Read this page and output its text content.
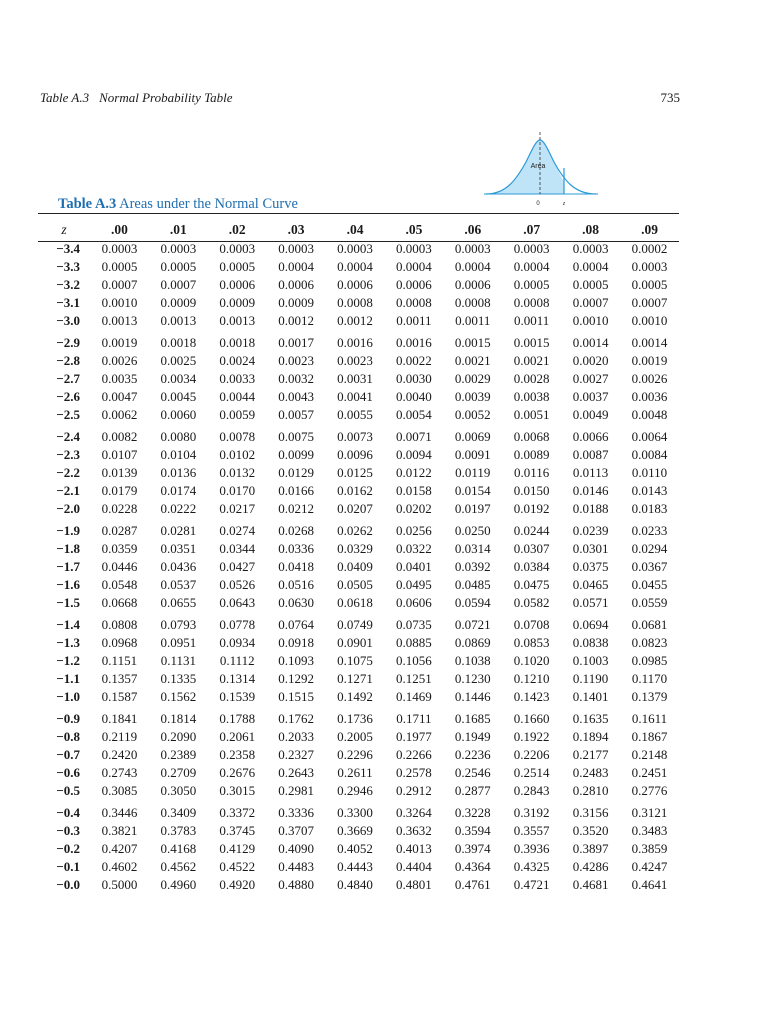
Table A.3 Normal Probability Table	735
Area
0	z
Table A.3 Areas under the Normal Curve
z	.00	.01	.02	.03	.04	.05	.06	.07	.08	.09
−3.4	0.0003	0.0003	0.0003	0.0003	0.0003	0.0003	0.0003	0.0003	0.0003	0.0002
−3.3	0.0005	0.0005	0.0005	0.0004	0.0004	0.0004	0.0004	0.0004	0.0004	0.0003
−3.2	0.0007	0.0007	0.0006	0.0006	0.0006	0.0006	0.0006	0.0005	0.0005	0.0005
−3.1	0.0010	0.0009	0.0009	0.0009	0.0008	0.0008	0.0008	0.0008	0.0007	0.0007
−3.0	0.0013	0.0013	0.0013	0.0012	0.0012	0.0011	0.0011	0.0011	0.0010	0.0010

−2.9	0.0019	0.0018	0.0018	0.0017	0.0016	0.0016	0.0015	0.0015	0.0014	0.0014
−2.8	0.0026	0.0025	0.0024	0.0023	0.0023	0.0022	0.0021	0.0021	0.0020	0.0019
−2.7	0.0035	0.0034	0.0033	0.0032	0.0031	0.0030	0.0029	0.0028	0.0027	0.0026
−2.6	0.0047	0.0045	0.0044	0.0043	0.0041	0.0040	0.0039	0.0038	0.0037	0.0036
−2.5	0.0062	0.0060	0.0059	0.0057	0.0055	0.0054	0.0052	0.0051	0.0049	0.0048

−2.4	0.0082	0.0080	0.0078	0.0075	0.0073	0.0071	0.0069	0.0068	0.0066	0.0064
−2.3	0.0107	0.0104	0.0102	0.0099	0.0096	0.0094	0.0091	0.0089	0.0087	0.0084
−2.2	0.0139	0.0136	0.0132	0.0129	0.0125	0.0122	0.0119	0.0116	0.0113	0.0110
−2.1	0.0179	0.0174	0.0170	0.0166	0.0162	0.0158	0.0154	0.0150	0.0146	0.0143
−2.0	0.0228	0.0222	0.0217	0.0212	0.0207	0.0202	0.0197	0.0192	0.0188	0.0183

−1.9	0.0287	0.0281	0.0274	0.0268	0.0262	0.0256	0.0250	0.0244	0.0239	0.0233
−1.8	0.0359	0.0351	0.0344	0.0336	0.0329	0.0322	0.0314	0.0307	0.0301	0.0294
−1.7	0.0446	0.0436	0.0427	0.0418	0.0409	0.0401	0.0392	0.0384	0.0375	0.0367
−1.6	0.0548	0.0537	0.0526	0.0516	0.0505	0.0495	0.0485	0.0475	0.0465	0.0455
−1.5	0.0668	0.0655	0.0643	0.0630	0.0618	0.0606	0.0594	0.0582	0.0571	0.0559

−1.4	0.0808	0.0793	0.0778	0.0764	0.0749	0.0735	0.0721	0.0708	0.0694	0.0681
−1.3	0.0968	0.0951	0.0934	0.0918	0.0901	0.0885	0.0869	0.0853	0.0838	0.0823
−1.2	0.1151	0.1131	0.1112	0.1093	0.1075	0.1056	0.1038	0.1020	0.1003	0.0985
−1.1	0.1357	0.1335	0.1314	0.1292	0.1271	0.1251	0.1230	0.1210	0.1190	0.1170
−1.0	0.1587	0.1562	0.1539	0.1515	0.1492	0.1469	0.1446	0.1423	0.1401	0.1379

−0.9	0.1841	0.1814	0.1788	0.1762	0.1736	0.1711	0.1685	0.1660	0.1635	0.1611
−0.8	0.2119	0.2090	0.2061	0.2033	0.2005	0.1977	0.1949	0.1922	0.1894	0.1867
−0.7	0.2420	0.2389	0.2358	0.2327	0.2296	0.2266	0.2236	0.2206	0.2177	0.2148
−0.6	0.2743	0.2709	0.2676	0.2643	0.2611	0.2578	0.2546	0.2514	0.2483	0.2451
−0.5	0.3085	0.3050	0.3015	0.2981	0.2946	0.2912	0.2877	0.2843	0.2810	0.2776

−0.4	0.3446	0.3409	0.3372	0.3336	0.3300	0.3264	0.3228	0.3192	0.3156	0.3121
−0.3	0.3821	0.3783	0.3745	0.3707	0.3669	0.3632	0.3594	0.3557	0.3520	0.3483
−0.2	0.4207	0.4168	0.4129	0.4090	0.4052	0.4013	0.3974	0.3936	0.3897	0.3859
−0.1	0.4602	0.4562	0.4522	0.4483	0.4443	0.4404	0.4364	0.4325	0.4286	0.4247
−0.0	0.5000	0.4960	0.4920	0.4880	0.4840	0.4801	0.4761	0.4721	0.4681	0.4641
